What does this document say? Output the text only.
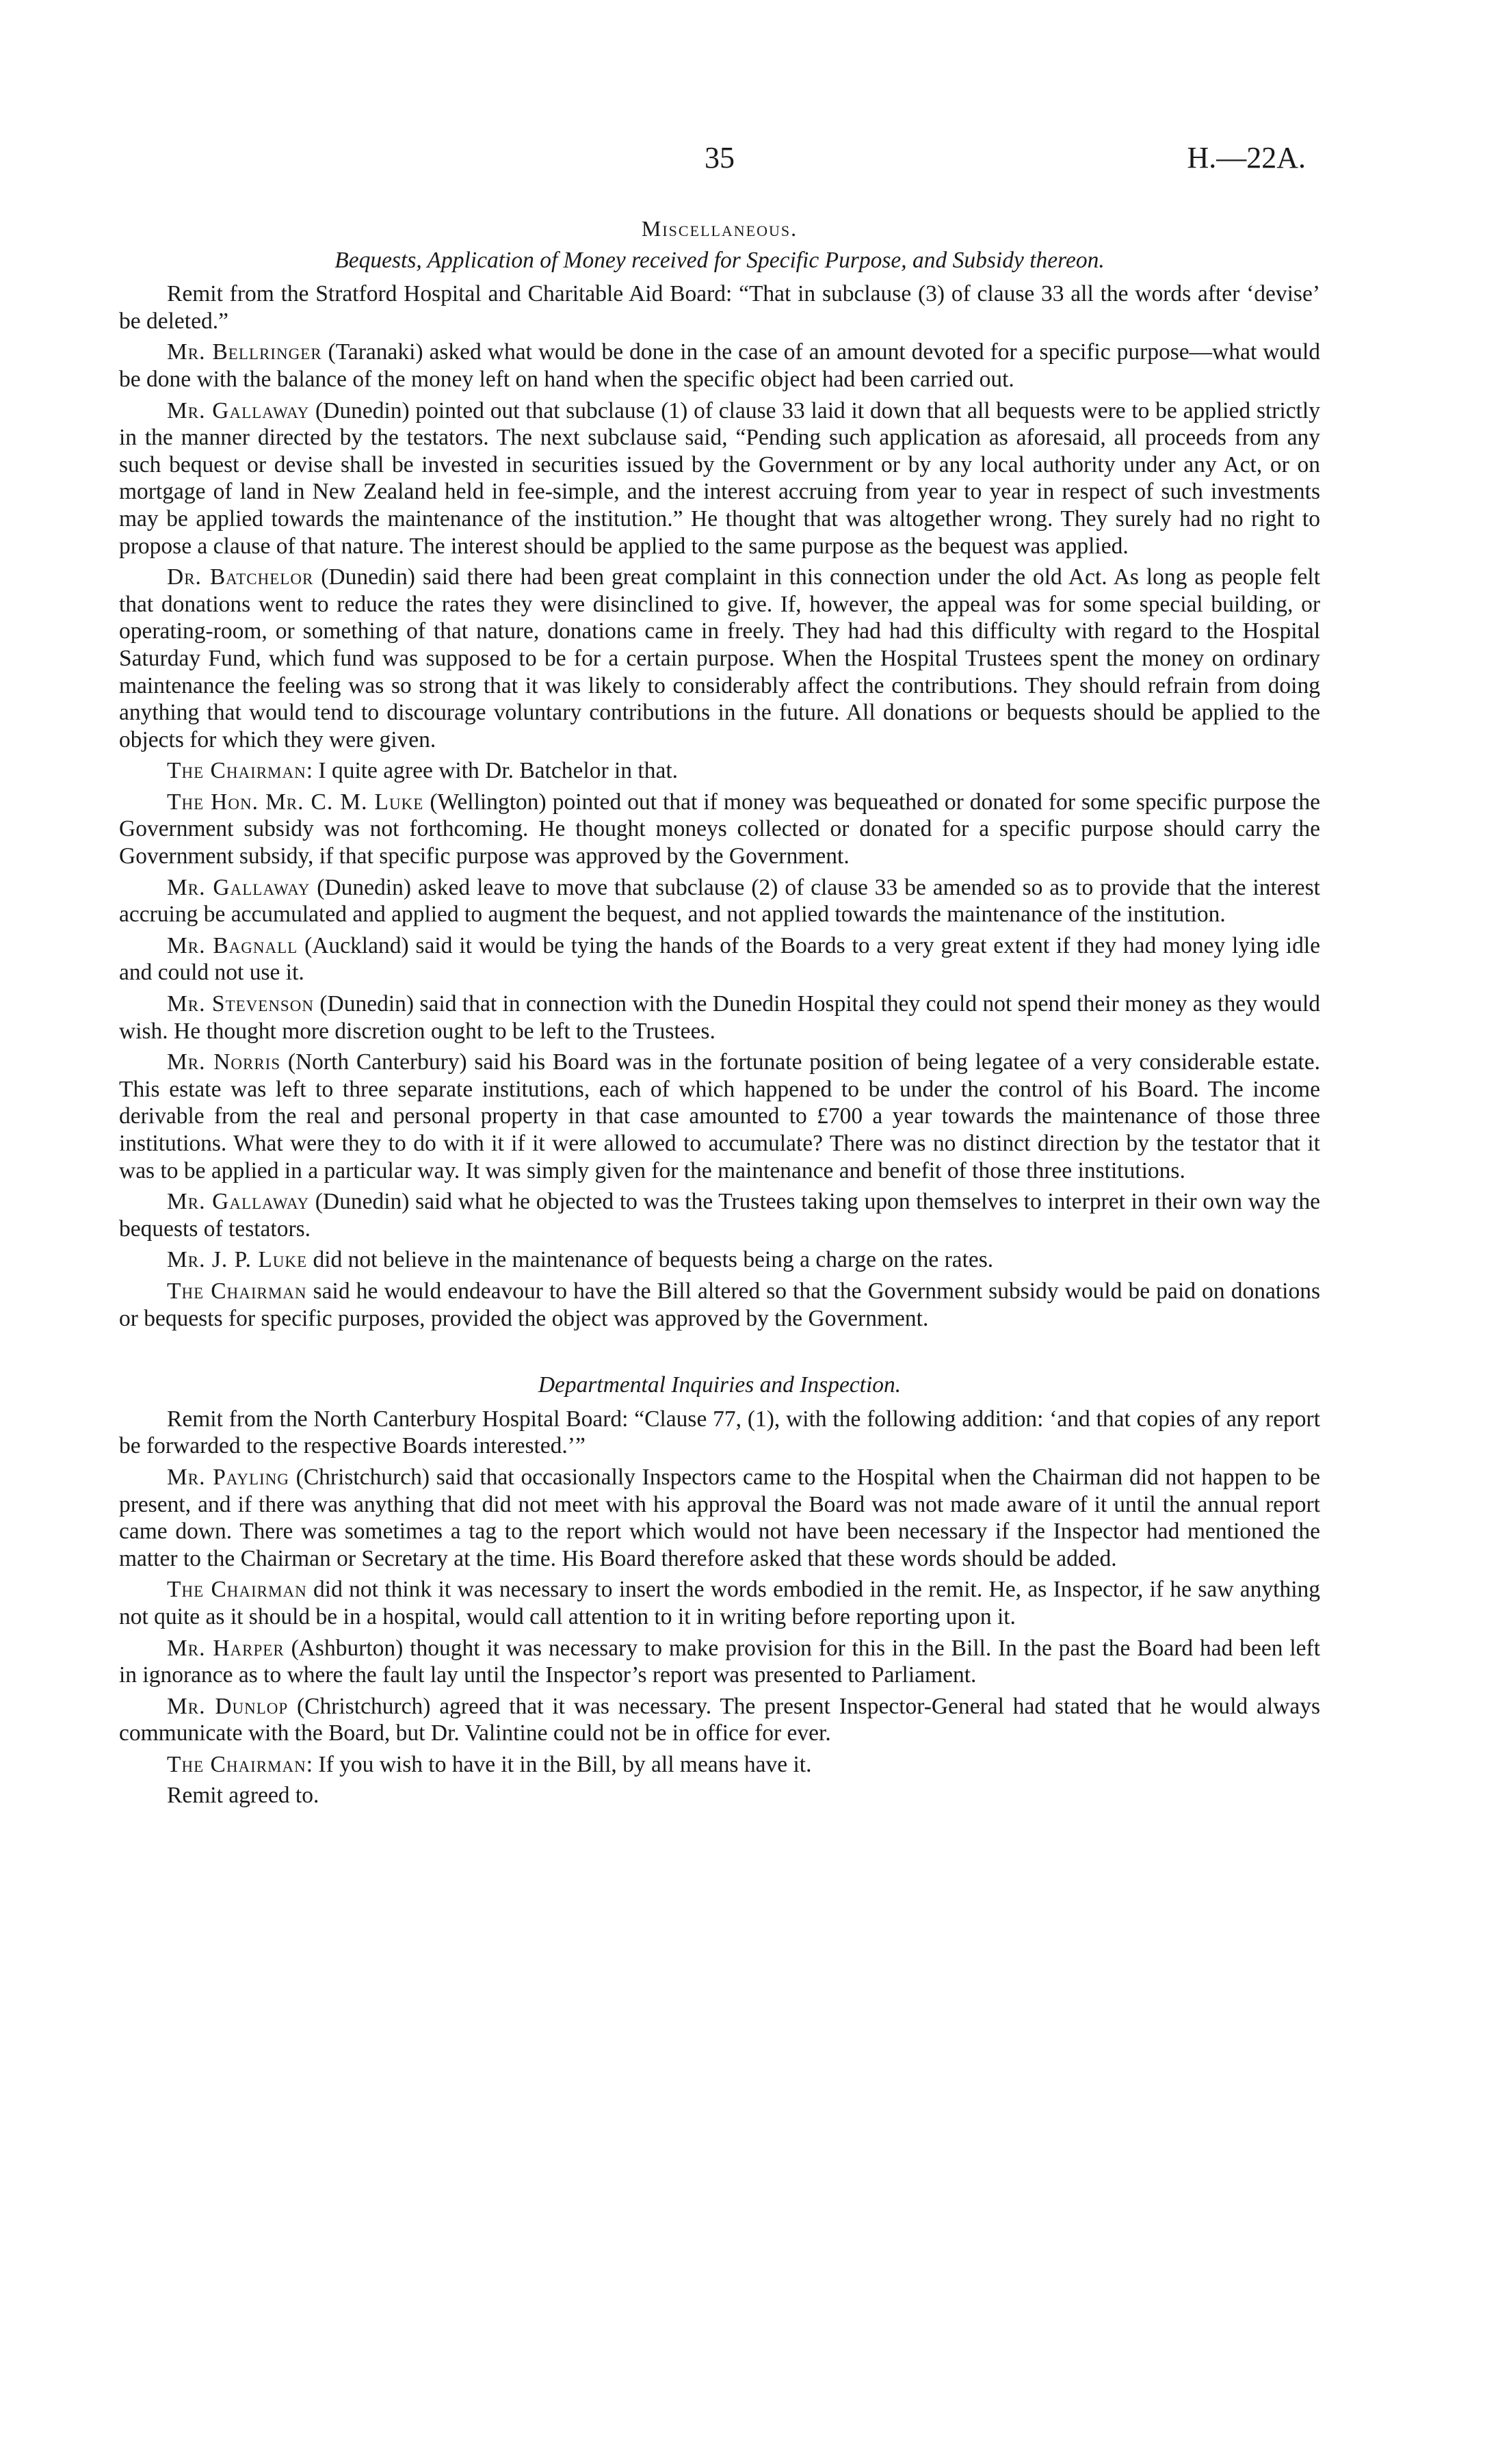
35	H.—22A.
Miscellaneous.
Bequests, Application of Money received for Specific Purpose, and Subsidy thereon.

Remit from the Stratford Hospital and Charitable Aid Board: “That in subclause (3) of clause 33 all the words after ‘devise’ be deleted.”

Mr. Bellringer (Taranaki) asked what would be done in the case of an amount devoted for a specific purpose—what would be done with the balance of the money left on hand when the specific object had been carried out.

Mr. Gallaway (Dunedin) pointed out that subclause (1) of clause 33 laid it down that all bequests were to be applied strictly in the manner directed by the testators. The next subclause said, “Pending such application as aforesaid, all proceeds from any such bequest or devise shall be invested in securities issued by the Government or by any local authority under any Act, or on mortgage of land in New Zealand held in fee-simple, and the interest accruing from year to year in respect of such investments may be applied towards the maintenance of the institution.” He thought that was altogether wrong. They surely had no right to propose a clause of that nature. The interest should be applied to the same purpose as the bequest was applied.

Dr. Batchelor (Dunedin) said there had been great complaint in this connection under the old Act. As long as people felt that donations went to reduce the rates they were disinclined to give. If, however, the appeal was for some special building, or operating-room, or something of that nature, donations came in freely. They had had this difficulty with regard to the Hospital Saturday Fund, which fund was supposed to be for a certain purpose. When the Hospital Trustees spent the money on ordinary maintenance the feeling was so strong that it was likely to considerably affect the contributions. They should refrain from doing anything that would tend to discourage voluntary contributions in the future. All donations or bequests should be applied to the objects for which they were given.

The Chairman: I quite agree with Dr. Batchelor in that.

The Hon. Mr. C. M. Luke (Wellington) pointed out that if money was bequeathed or donated for some specific purpose the Government subsidy was not forthcoming. He thought moneys collected or donated for a specific purpose should carry the Government subsidy, if that specific purpose was approved by the Government.

Mr. Gallaway (Dunedin) asked leave to move that subclause (2) of clause 33 be amended so as to provide that the interest accruing be accumulated and applied to augment the bequest, and not applied towards the maintenance of the institution.

Mr. Bagnall (Auckland) said it would be tying the hands of the Boards to a very great extent if they had money lying idle and could not use it.

Mr. Stevenson (Dunedin) said that in connection with the Dunedin Hospital they could not spend their money as they would wish. He thought more discretion ought to be left to the Trustees.

Mr. Norris (North Canterbury) said his Board was in the fortunate position of being legatee of a very considerable estate. This estate was left to three separate institutions, each of which happened to be under the control of his Board. The income derivable from the real and personal property in that case amounted to £700 a year towards the maintenance of those three institutions. What were they to do with it if it were allowed to accumulate? There was no distinct direction by the testator that it was to be applied in a particular way. It was simply given for the maintenance and benefit of those three institutions.

Mr. Gallaway (Dunedin) said what he objected to was the Trustees taking upon themselves to interpret in their own way the bequests of testators.

Mr. J. P. Luke did not believe in the maintenance of bequests being a charge on the rates.

The Chairman said he would endeavour to have the Bill altered so that the Government subsidy would be paid on donations or bequests for specific purposes, provided the object was approved by the Government.

Departmental Inquiries and Inspection.

Remit from the North Canterbury Hospital Board: “Clause 77, (1), with the following addition: ‘and that copies of any report be forwarded to the respective Boards interested.’”

Mr. Payling (Christchurch) said that occasionally Inspectors came to the Hospital when the Chairman did not happen to be present, and if there was anything that did not meet with his approval the Board was not made aware of it until the annual report came down. There was sometimes a tag to the report which would not have been necessary if the Inspector had mentioned the matter to the Chairman or Secretary at the time. His Board therefore asked that these words should be added.

The Chairman did not think it was necessary to insert the words embodied in the remit. He, as Inspector, if he saw anything not quite as it should be in a hospital, would call attention to it in writing before reporting upon it.

Mr. Harper (Ashburton) thought it was necessary to make provision for this in the Bill. In the past the Board had been left in ignorance as to where the fault lay until the Inspector’s report was presented to Parliament.

Mr. Dunlop (Christchurch) agreed that it was necessary. The present Inspector-General had stated that he would always communicate with the Board, but Dr. Valintine could not be in office for ever.

The Chairman: If you wish to have it in the Bill, by all means have it.

Remit agreed to.
